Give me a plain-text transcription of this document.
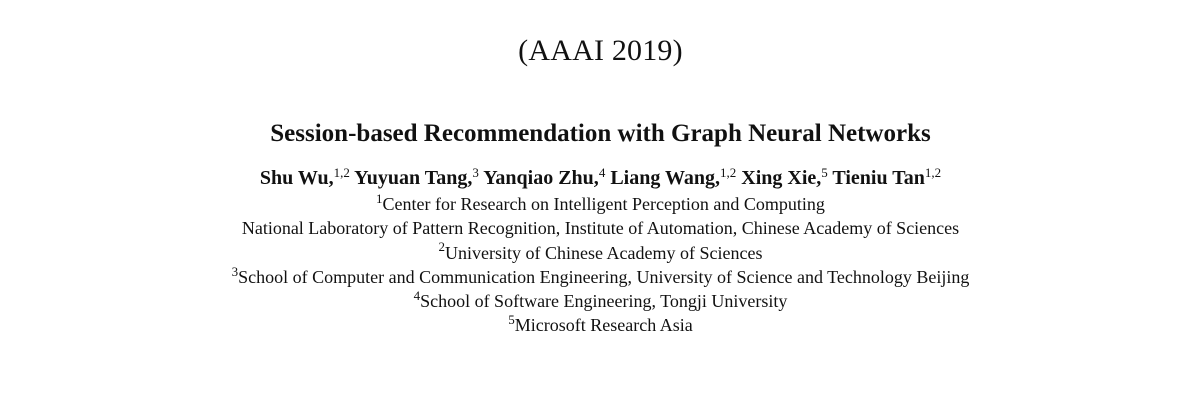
(AAAI 2019)
Session-based Recommendation with Graph Neural Networks
Shu Wu,$^{1,2}$ Yuyuan Tang,$^3$ Yanqiao Zhu,$^4$ Liang Wang,$^{1,2}$ Xing Xie,$^5$ Tieniu Tan$^{1,2}$
$^1$Center for Research on Intelligent Perception and Computing
National Laboratory of Pattern Recognition, Institute of Automation, Chinese Academy of Sciences
$^2$University of Chinese Academy of Sciences
$^3$School of Computer and Communication Engineering, University of Science and Technology Beijing
$^4$School of Software Engineering, Tongji University
$^5$Microsoft Research Asia
